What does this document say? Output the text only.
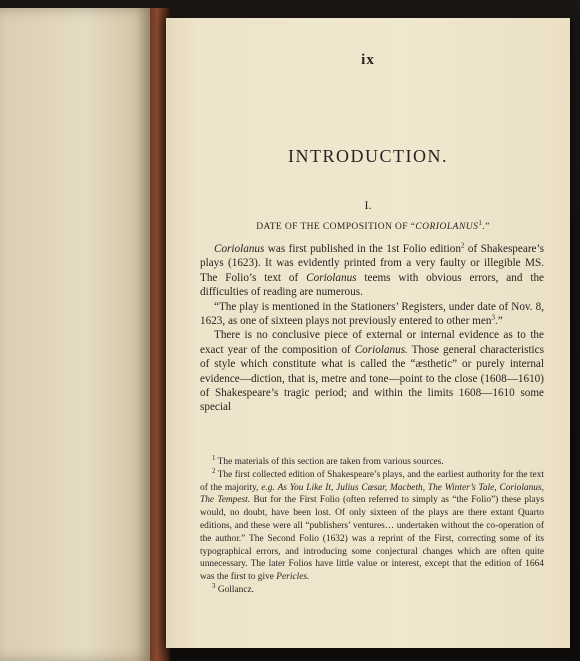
ix
INTRODUCTION.
I.
DATE OF THE COMPOSITION OF “CORIOLANUS$^1$.”

Coriolanus was first published in the 1st Folio edition$^2$ of Shakespeare’s plays (1623). It was evidently printed from a very faulty or illegible MS. The Folio’s text of Coriolanus teems with obvious errors, and the difficulties of reading are numerous.

“The play is mentioned in the Stationers’ Registers, under date of Nov. 8, 1623, as one of sixteen plays not previously entered to other men$^3$.”

There is no conclusive piece of external or internal evidence as to the exact year of the composition of Coriolanus. Those general characteristics of style which constitute what is called the “æsthetic” or purely internal evidence—diction, that is, metre and tone—point to the close (1608—1610) of Shakespeare’s tragic period; and within the limits 1608—1610 some special

$^1$ The materials of this section are taken from various sources.

$^2$ The first collected edition of Shakespeare’s plays, and the earliest authority for the text of the majority, e.g. As You Like It, Julius Cæsar, Macbeth, The Winter’s Tale, Coriolanus, The Tempest. But for the First Folio (often referred to simply as “the Folio”) these plays would, no doubt, have been lost. Of only sixteen of the plays are there extant Quarto editions, and these were all “publishers’ ventures… undertaken without the co-operation of the author.” The Second Folio (1632) was a reprint of the First, correcting some of its typographical errors, and introducing some conjectural changes which are often quite unnecessary. The later Folios have little value or interest, except that the edition of 1664 was the first to give Pericles.

$^3$ Gollancz.
